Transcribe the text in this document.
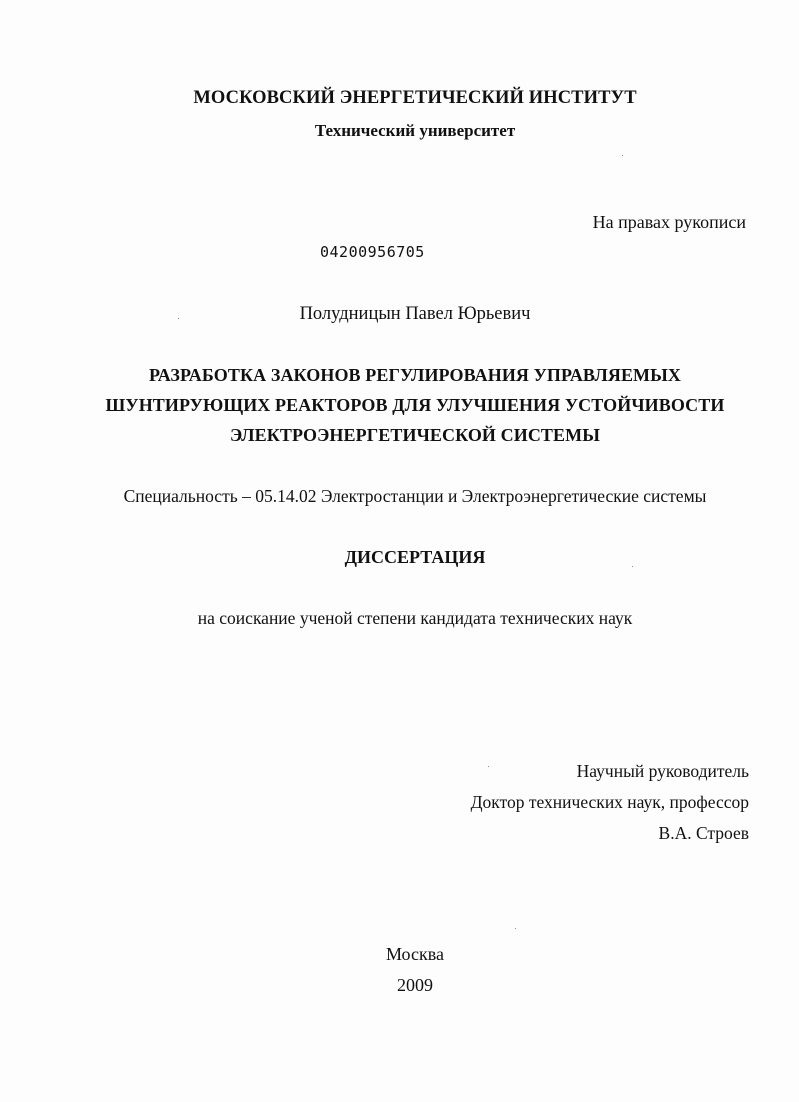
МОСКОВСКИЙ ЭНЕРГЕТИЧЕСКИЙ ИНСТИТУТ
Технический университет
На правах рукописи
04200956705
Полудницын Павел Юрьевич
РАЗРАБОТКА ЗАКОНОВ РЕГУЛИРОВАНИЯ УПРАВЛЯЕМЫХ
ШУНТИРУЮЩИХ РЕАКТОРОВ ДЛЯ УЛУЧШЕНИЯ УСТОЙЧИВОСТИ
ЭЛЕКТРОЭНЕРГЕТИЧЕСКОЙ СИСТЕМЫ
Специальность – 05.14.02 Электростанции и Электроэнергетические системы
ДИССЕРТАЦИЯ
на соискание ученой степени кандидата технических наук
Научный руководитель
Доктор технических наук, профессор
В.А. Строев
Москва
2009
